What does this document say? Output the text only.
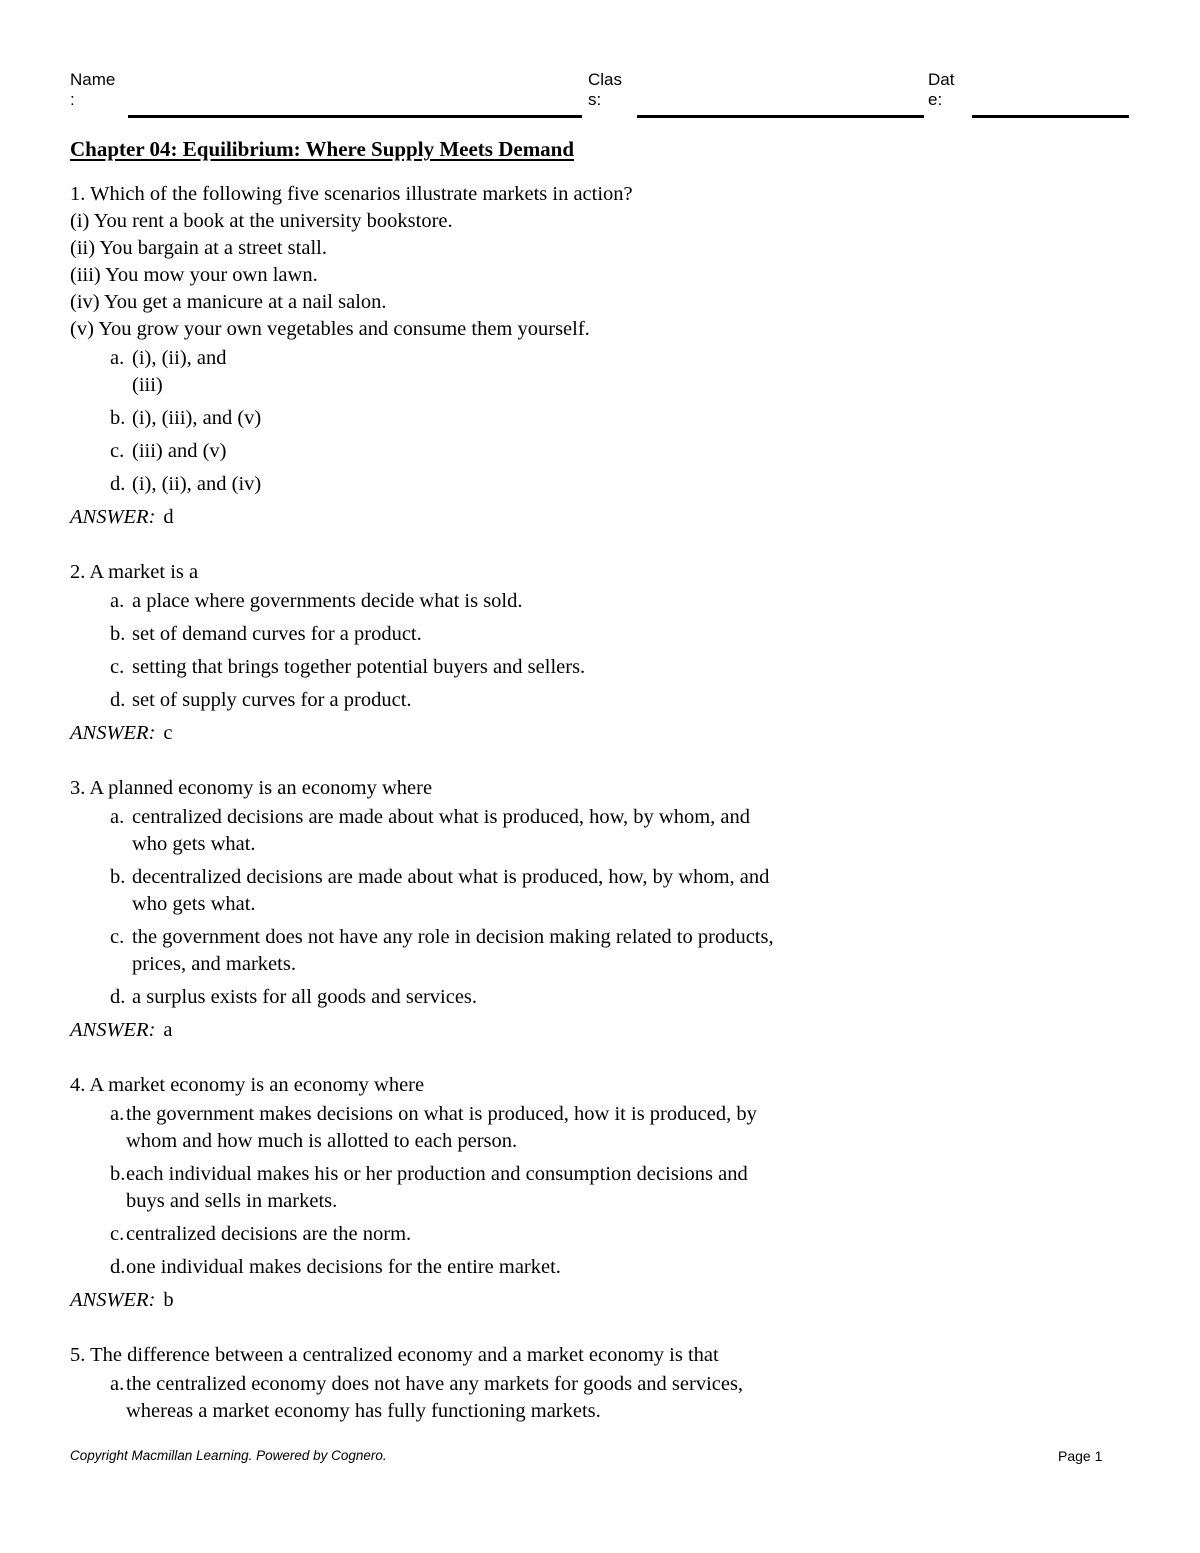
Name
:
Clas
s:
Dat
e:
Chapter 04: Equilibrium: Where Supply Meets Demand
1. Which of the following five scenarios illustrate markets in action?
(i) You rent a book at the university bookstore.
(ii) You bargain at a street stall.
(iii) You mow your own lawn.
(iv) You get a manicure at a nail salon.
(v) You grow your own vegetables and consume them yourself.
a. (i), (ii), and
(iii)
b. (i), (iii), and (v)
c. (iii) and (v)
d. (i), (ii), and (iv)
ANSWER: d
2. A market is a
a. a place where governments decide what is sold.
b. set of demand curves for a product.
c. setting that brings together potential buyers and sellers.
d. set of supply curves for a product.
ANSWER: c
3. A planned economy is an economy where
a. centralized decisions are made about what is produced, how, by whom, and
who gets what.
b. decentralized decisions are made about what is produced, how, by whom, and
who gets what.
c. the government does not have any role in decision making related to products,
prices, and markets.
d. a surplus exists for all goods and services.
ANSWER: a
4. A market economy is an economy where
a. the government makes decisions on what is produced, how it is produced, by
whom and how much is allotted to each person.
b. each individual makes his or her production and consumption decisions and
buys and sells in markets.
c. centralized decisions are the norm.
d. one individual makes decisions for the entire market.
ANSWER: b
5. The difference between a centralized economy and a market economy is that
a. the centralized economy does not have any markets for goods and services,
whereas a market economy has fully functioning markets.
Copyright Macmillan Learning. Powered by Cognero.	Page 1
